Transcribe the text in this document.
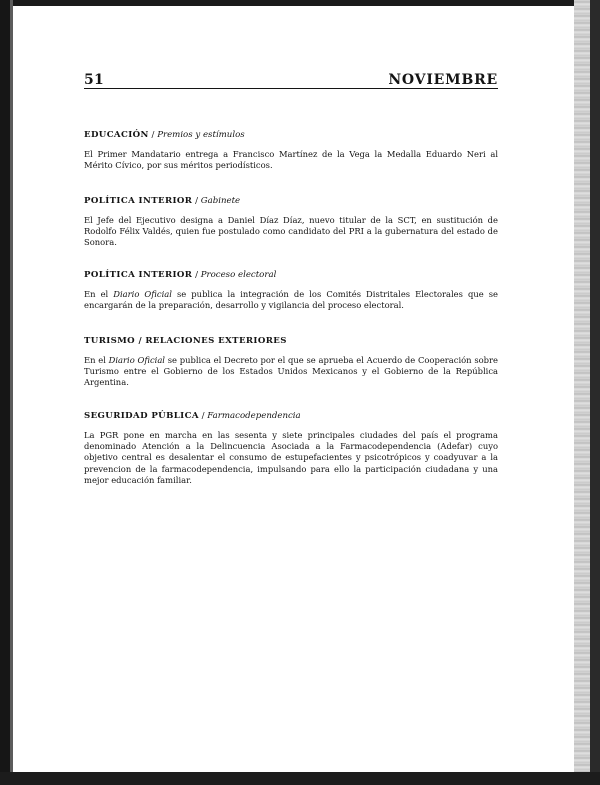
51	NOVIEMBRE

EDUCACIÓN / Premios y estímulos

El Primer Mandatario entrega a Francisco Martínez de la Vega la Medalla Eduardo Neri al Mérito Cívico, por sus méritos periodísticos.

POLÍTICA INTERIOR / Gabinete

El Jefe del Ejecutivo designa a Daniel Díaz Díaz, nuevo titular de la SCT, en sustitución de Rodolfo Félix Valdés, quien fue postulado como candidato del PRI a la gubernatura del estado de Sonora.

POLÍTICA INTERIOR / Proceso electoral

En el Diario Oficial se publica la integración de los Comités Distritales Electorales que se encargarán de la preparación, desarrollo y vigilancia del proceso electoral.

TURISMO / RELACIONES EXTERIORES

En el Diario Oficial se publica el Decreto por el que se aprueba el Acuerdo de Cooperación sobre Turismo entre el Gobierno de los Estados Unidos Mexicanos y el Gobierno de la República Argentina.

SEGURIDAD PÚBLICA / Farmacodependencia

La PGR pone en marcha en las sesenta y siete principales ciudades del país el programa denominado Atención a la Delincuencia Asociada a la Farmacodependencia (Adefar) cuyo objetivo central es desalentar el consumo de estupefacientes y psicotrópicos y coadyuvar a la prevencion de la farmacodependencia, impulsando para ello la participación ciudadana y una mejor educación familiar.
